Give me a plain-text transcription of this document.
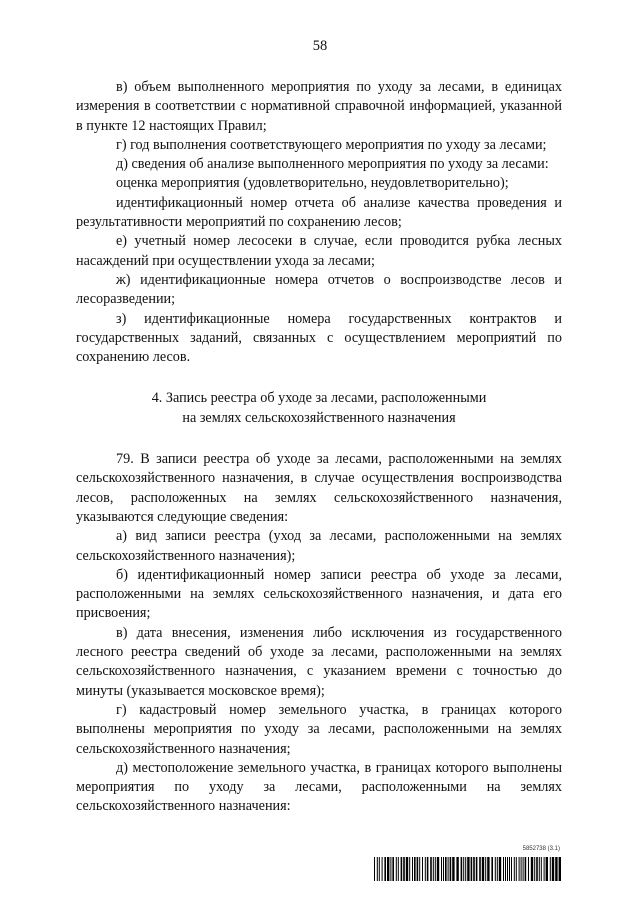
58

в) объем выполненного мероприятия по уходу за лесами, в единицах измерения в соответствии с нормативной справочной информацией, указанной в пункте 12 настоящих Правил;

г) год выполнения соответствующего мероприятия по уходу за лесами;

д) сведения об анализе выполненного мероприятия по уходу за лесами:

оценка мероприятия (удовлетворительно, неудовлетворительно);

идентификационный номер отчета об анализе качества проведения и результативности мероприятий по сохранению лесов;

е) учетный номер лесосеки в случае, если проводится рубка лесных насаждений при осуществлении ухода за лесами;

ж) идентификационные номера отчетов о воспроизводстве лесов и лесоразведении;

з) идентификационные номера государственных контрактов и государственных заданий, связанных с осуществлением мероприятий по сохранению лесов.

4. Запись реестра об уходе за лесами, расположенными
на землях сельскохозяйственного назначения

79. В записи реестра об уходе за лесами, расположенными на землях сельскохозяйственного назначения, в случае осуществления воспроизводства лесов, расположенных на землях сельскохозяйственного назначения, указываются следующие сведения:

а) вид записи реестра (уход за лесами, расположенными на землях сельскохозяйственного назначения);

б) идентификационный номер записи реестра об уходе за лесами, расположенными на землях сельскохозяйственного назначения, и дата его присвоения;

в) дата внесения, изменения либо исключения из государственного лесного реестра сведений об уходе за лесами, расположенными на землях сельскохозяйственного назначения, с указанием времени с точностью до минуты (указывается московское время);

г) кадастровый номер земельного участка, в границах которого выполнены мероприятия по уходу за лесами, расположенными на землях сельскохозяйственного назначения;

д) местоположение земельного участка, в границах которого выполнены мероприятия по уходу за лесами, расположенными на землях сельскохозяйственного назначения:

5852738 (3.1)
